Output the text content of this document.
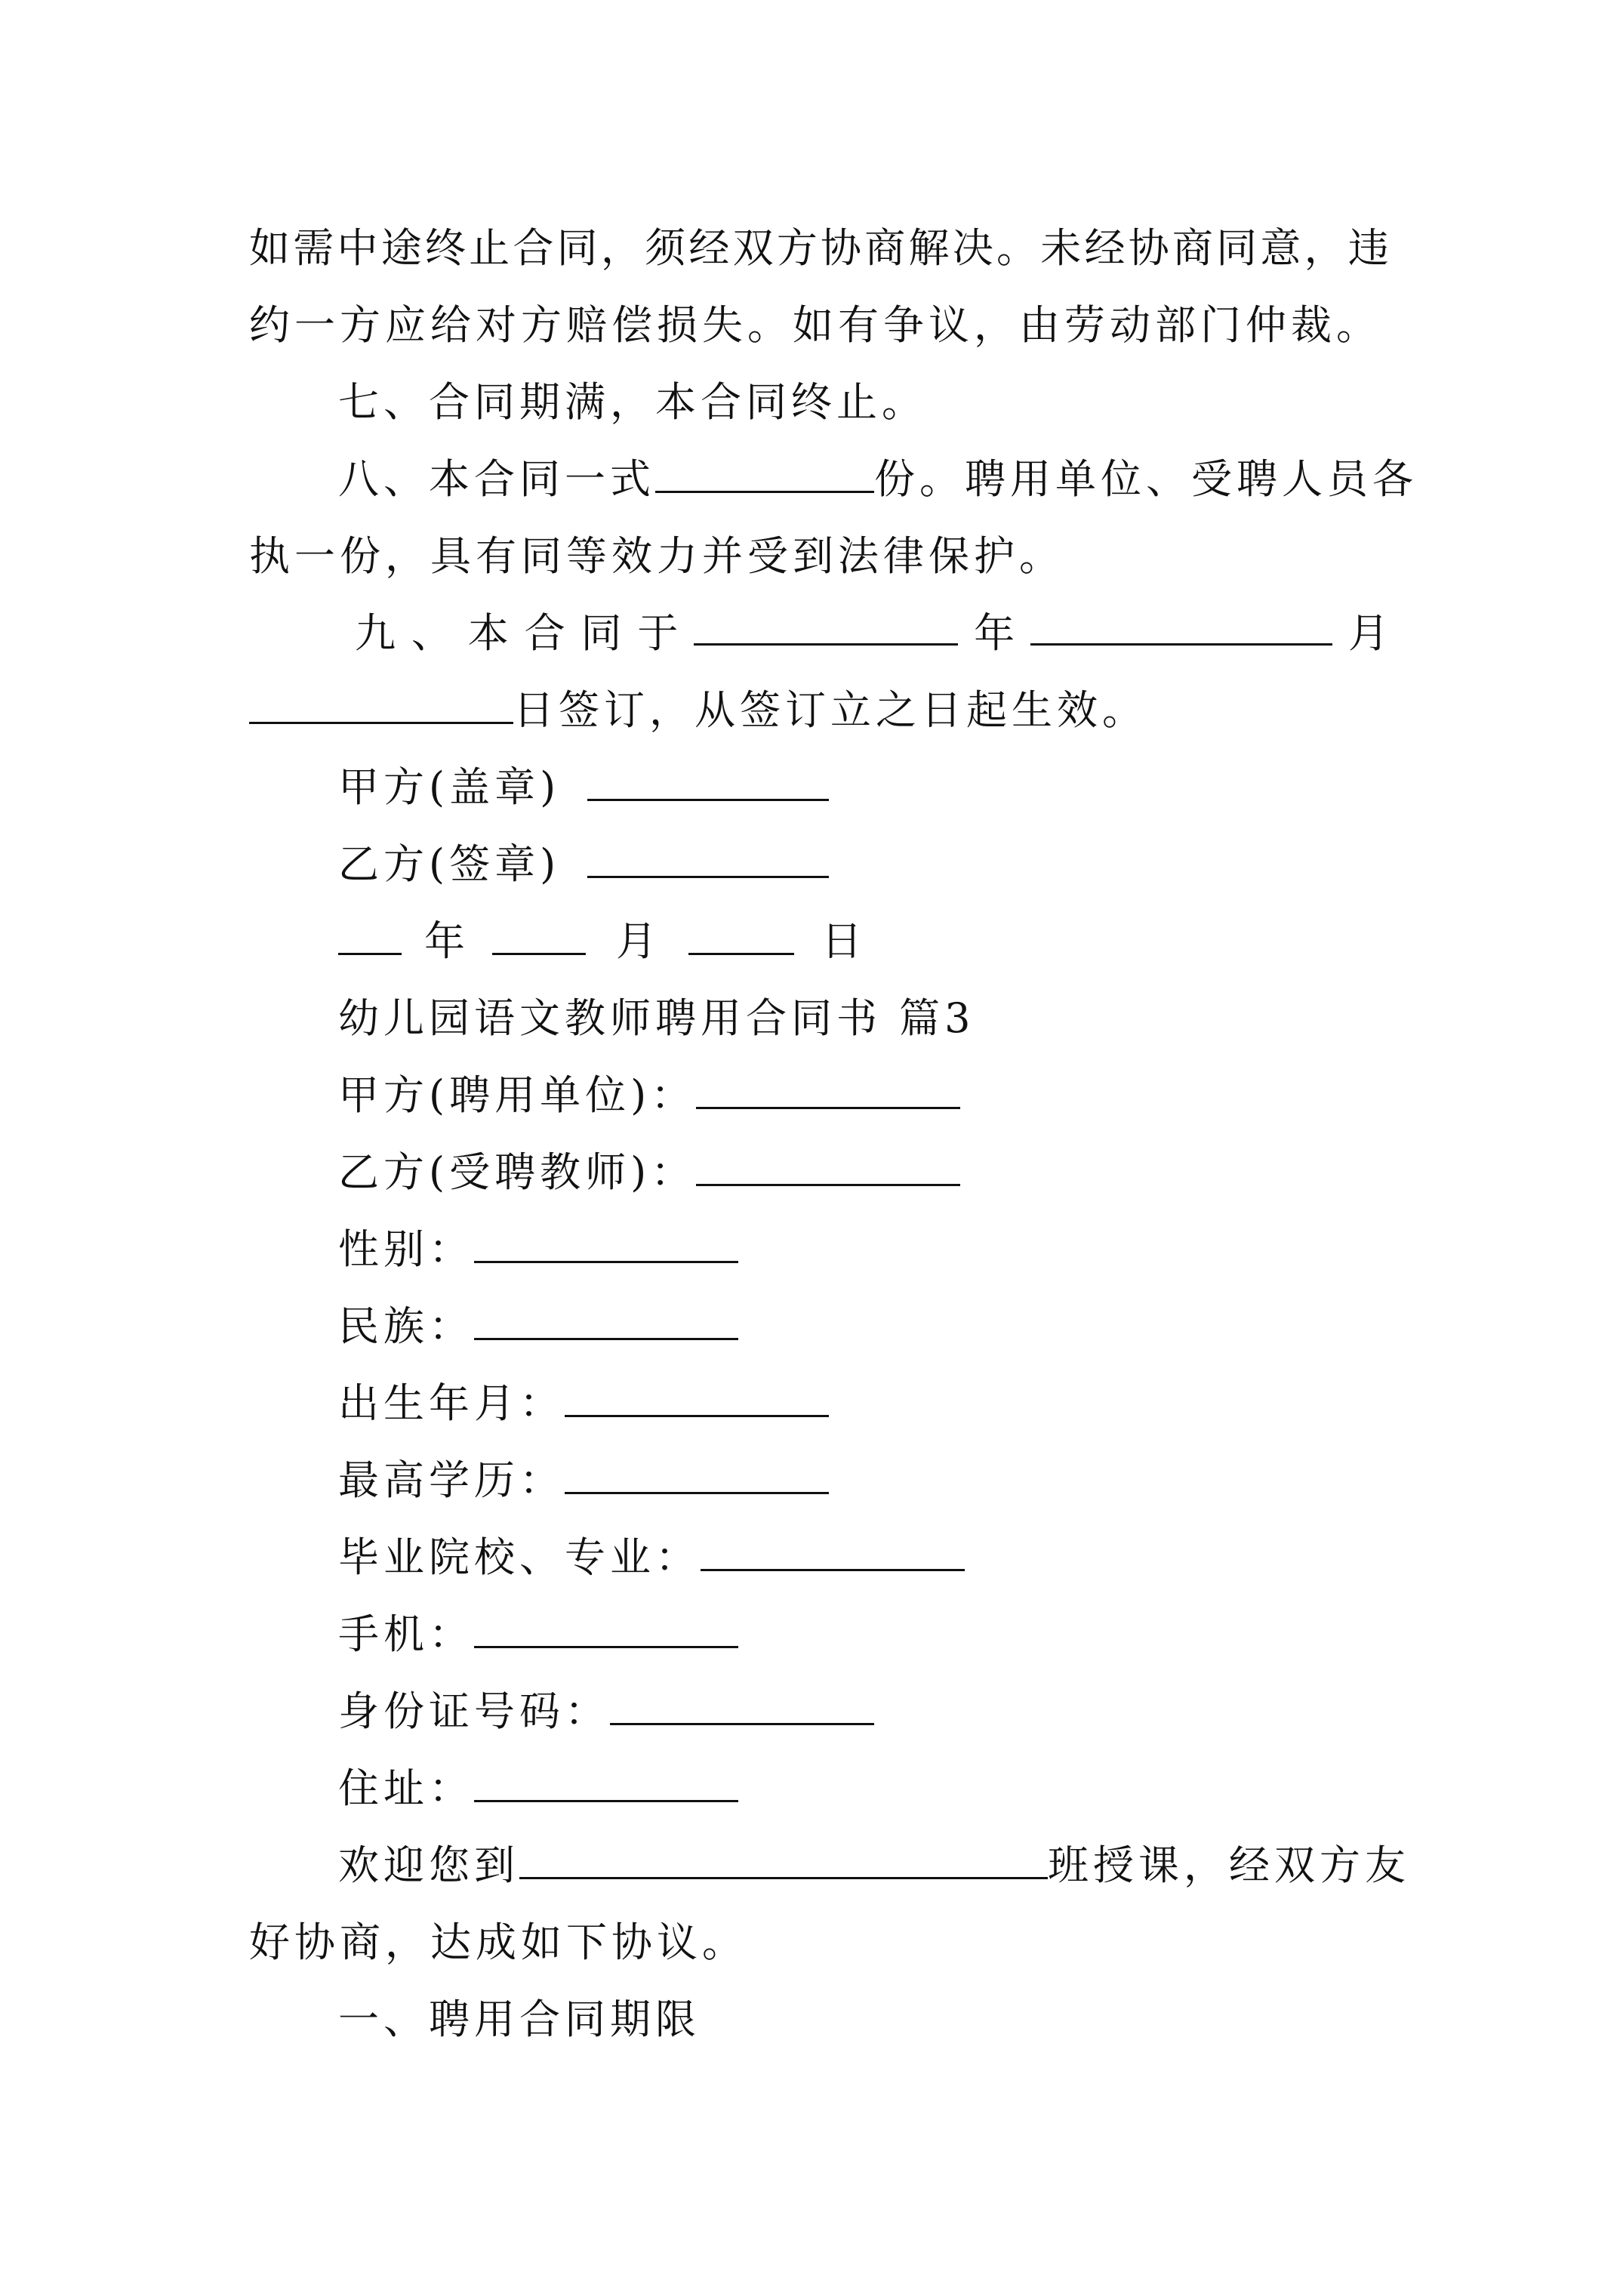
如 需 中 途 终 止 合 同 ， 须 经 双 方 协 商 解 决 。 未 经 协 商 同 意 ， 违
约一方应给对方赔偿损失。如有争议，由劳动部门仲裁。
七、合同期满，本合同终止。
八、本合同一式	份。聘用单位、受聘人员各
执一份，具有同等效力并受到法律保护。
九 、 本 合 同 于	年	月
日签订，从签订立之日起生效。
甲方(盖章)
乙方(签章)
年	月	日
幼儿园语文教师聘用合同书 篇3
甲方(聘用单位)：
乙方(受聘教师)：
性别：
民族：
出生年月：
最高学历：
毕业院校、专业：
手机：
身份证号码：
住址：
欢迎您到	班授课，经双方友
好协商，达成如下协议。
一、聘用合同期限
